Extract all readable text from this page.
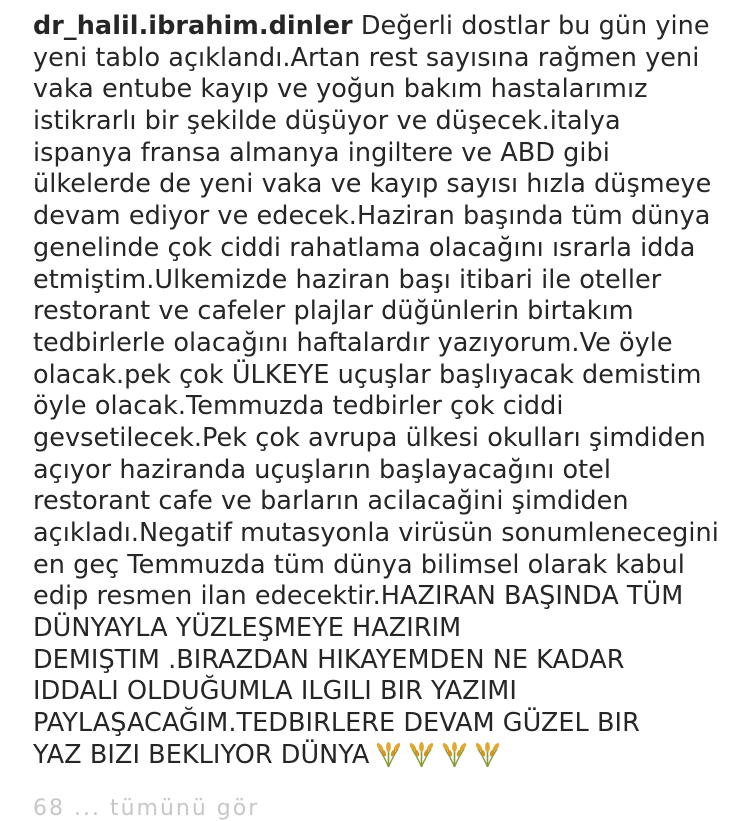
dr_halil.ibrahim.dinler Değerli dostlar bu gün yine
yeni tablo açıklandı.Artan rest sayısına rağmen yeni
vaka entube kayıp ve yoğun bakım hastalarımız
istikrarlı bir şekilde düşüyor ve düşecek.italya
ispanya fransa almanya ingiltere ve ABD gibi
ülkelerde de yeni vaka ve kayıp sayısı hızla düşmeye
devam ediyor ve edecek.Haziran başında tüm dünya
genelinde çok ciddi rahatlama olacağını ısrarla idda
etmiştim.Ulkemizde haziran başı itibari ile oteller
restorant ve cafeler plajlar düğünlerin birtakım
tedbirlerle olacağını haftalardır yazıyorum.Ve öyle
olacak.pek çok ÜLKEYE uçuşlar başlıyacak demistim
öyle olacak.Temmuzda tedbirler çok ciddi
gevsetilecek.Pek çok avrupa ülkesi okulları şimdiden
açıyor haziranda uçuşların başlayacağını otel
restorant cafe ve barların acilacağini şimdiden
açıkladı.Negatif mutasyonla virüsün sonumlenecegini
en geç Temmuzda tüm dünya bilimsel olarak kabul
edip resmen ilan edecektir.HAZIRAN BAŞINDA TÜM
DÜNYAYLA YÜZLEŞMEYE HAZIRIM
DEMIŞTIM .BIRAZDAN HIKAYEMDEN NE KADAR
IDDALI OLDUĞUMLA ILGILI BIR YAZIMI
PAYLAŞACAĞIM.TEDBIRLERE DEVAM GÜZEL BIR
YAZ BIZI BEKLIYOR DÜNYA
68 ... tümünü gör
